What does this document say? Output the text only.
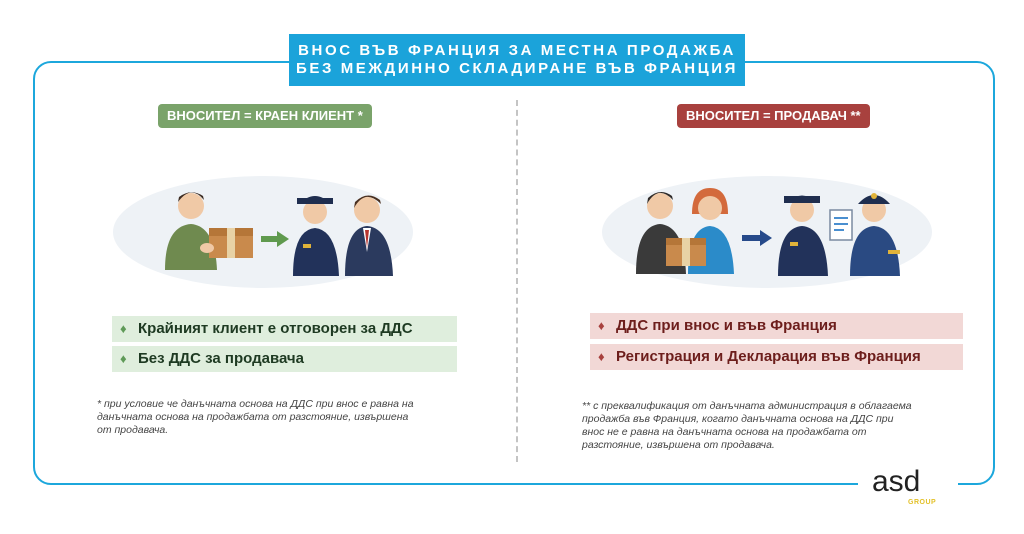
ВНОС ВЪВ ФРАНЦИЯ ЗА МЕСТНА ПРОДАЖБА
БЕЗ МЕЖДИННО СКЛАДИРАНЕ ВЪВ ФРАНЦИЯ
ВНОСИТЕЛ = КРАЕН КЛИЕНТ *
♦ Крайният клиент е отговорен за ДДС
♦ Без ДДС за продавача
* при условие че данъчната основа на ДДС при внос е равна на
данъчната основа на продажбата от разстояние, извършена
от продавача.
ВНОСИТЕЛ = ПРОДАВАЧ **
♦ ДДС при внос и във Франция
♦ Регистрация и Декларация във Франция
** с преквалификация от данъчната администрация в облагаема
продажба във Франция, когато данъчната основа на ДДС при
внос не е равна на данъчната основа на продажбата от
разстояние, извършена от продавача.
asd
GROUP
